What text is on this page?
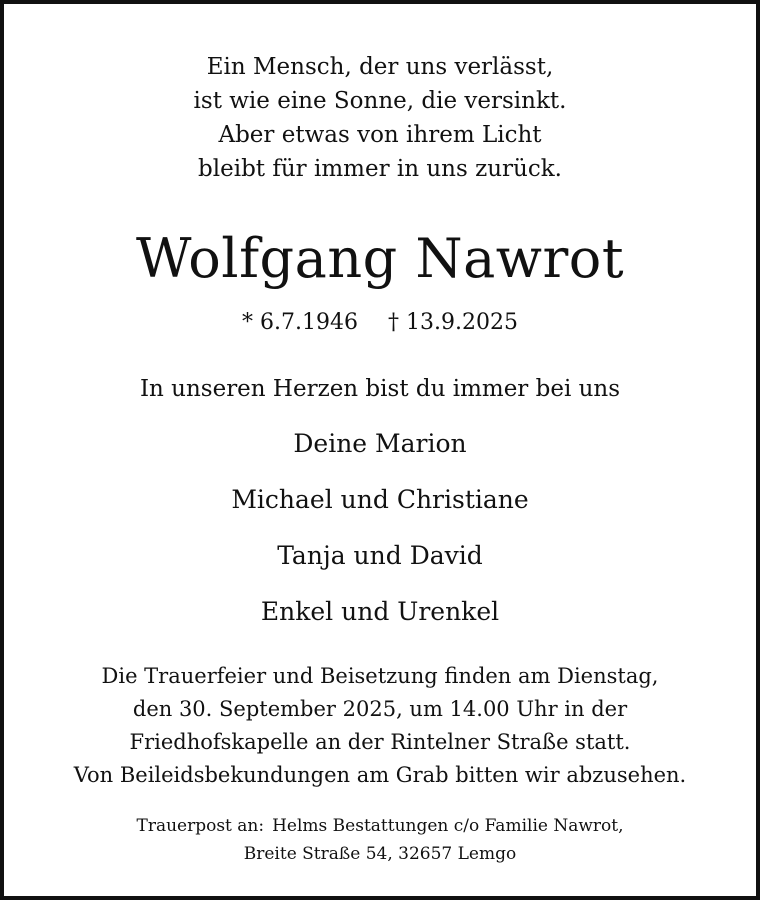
Ein Mensch, der uns verlässt,
ist wie eine Sonne, die versinkt.
Aber etwas von ihrem Licht
bleibt für immer in uns zurück.
Wolfgang Nawrot
* 6.7.1946 † 13.9.2025
In unseren Herzen bist du immer bei uns
Deine Marion
Michael und Christiane
Tanja und David
Enkel und Urenkel
Die Trauerfeier und Beisetzung finden am Dienstag,
den 30. September 2025, um 14.00 Uhr in der
Friedhofskapelle an der Rintelner Straße statt.
Von Beileidsbekundungen am Grab bitten wir abzusehen.
Trauerpost an: Helms Bestattungen c/o Familie Nawrot,
Breite Straße 54, 32657 Lemgo
